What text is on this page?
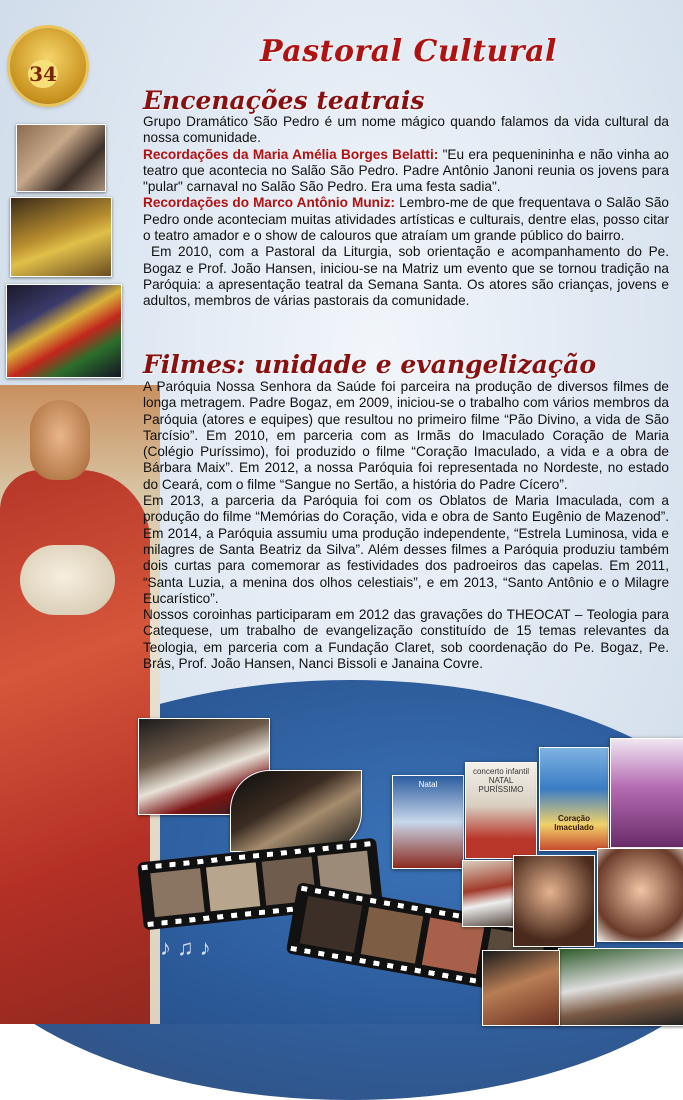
34
Pastoral Cultural
Encenações teatrais

Grupo Dramático São Pedro é um nome mágico quando falamos da vida cultural da nossa comunidade.

Recordações da Maria Amélia Borges Belatti: "Eu era pequenininha e não vinha ao teatro que acontecia no Salão São Pedro. Padre Antônio Janoni reunia os jovens para "pular" carnaval no Salão São Pedro. Era uma festa sadia".

Recordações do Marco Antônio Muniz: Lembro-me de que frequentava o Salão São Pedro onde aconteciam muitas atividades artísticas e culturais, dentre elas, posso citar o teatro amador e o show de calouros que atraíam um grande público do bairro.

Em 2010, com a Pastoral da Liturgia, sob orientação e acompanhamento do Pe. Bogaz e Prof. João Hansen, iniciou-se na Matriz um evento que se tornou tradição na Paróquia: a apresentação teatral da Semana Santa. Os atores são crianças, jovens e adultos, membros de várias pastorais da comunidade.

Filmes: unidade e evangelização

A Paróquia Nossa Senhora da Saúde foi parceira na produção de diversos filmes de longa metragem. Padre Bogaz, em 2009, iniciou-se o trabalho com vários membros da Paróquia (atores e equipes) que resultou no primeiro filme “Pão Divino, a vida de São Tarcísio”. Em 2010, em parceria com as Irmãs do Imaculado Coração de Maria (Colégio Puríssimo), foi produzido o filme “Coração Imaculado, a vida e a obra de Bárbara Maix”. Em 2012, a nossa Paróquia foi representada no Nordeste, no estado do Ceará, com o filme “Sangue no Sertão, a história do Padre Cícero”.

Em 2013, a parceria da Paróquia foi com os Oblatos de Maria Imaculada, com a produção do filme “Memórias do Coração, vida e obra de Santo Eugênio de Mazenod”. Em 2014, a Paróquia assumiu uma produção independente, “Estrela Luminosa, vida e milagres de Santa Beatriz da Silva”. Além desses filmes a Paróquia produziu também dois curtas para comemorar as festividades dos padroeiros das capelas. Em 2011, “Santa Luzia, a menina dos olhos celestiais”, e em 2013, “Santo Antônio e o Milagre Eucarístico”.

Nossos coroinhas participaram em 2012 das gravações do THEOCAT – Teologia para Catequese, um trabalho de evangelização constituído de 15 temas relevantes da Teologia, em parceria com a Fundação Claret, sob coordenação do Pe. Bogaz, Pe. Brás, Prof. João Hansen, Nanci Bissoli e Janaina Covre.

♪ ♫ ♪
Natal
concerto infantil NATAL PURÍSSIMO
Coração Imaculado
